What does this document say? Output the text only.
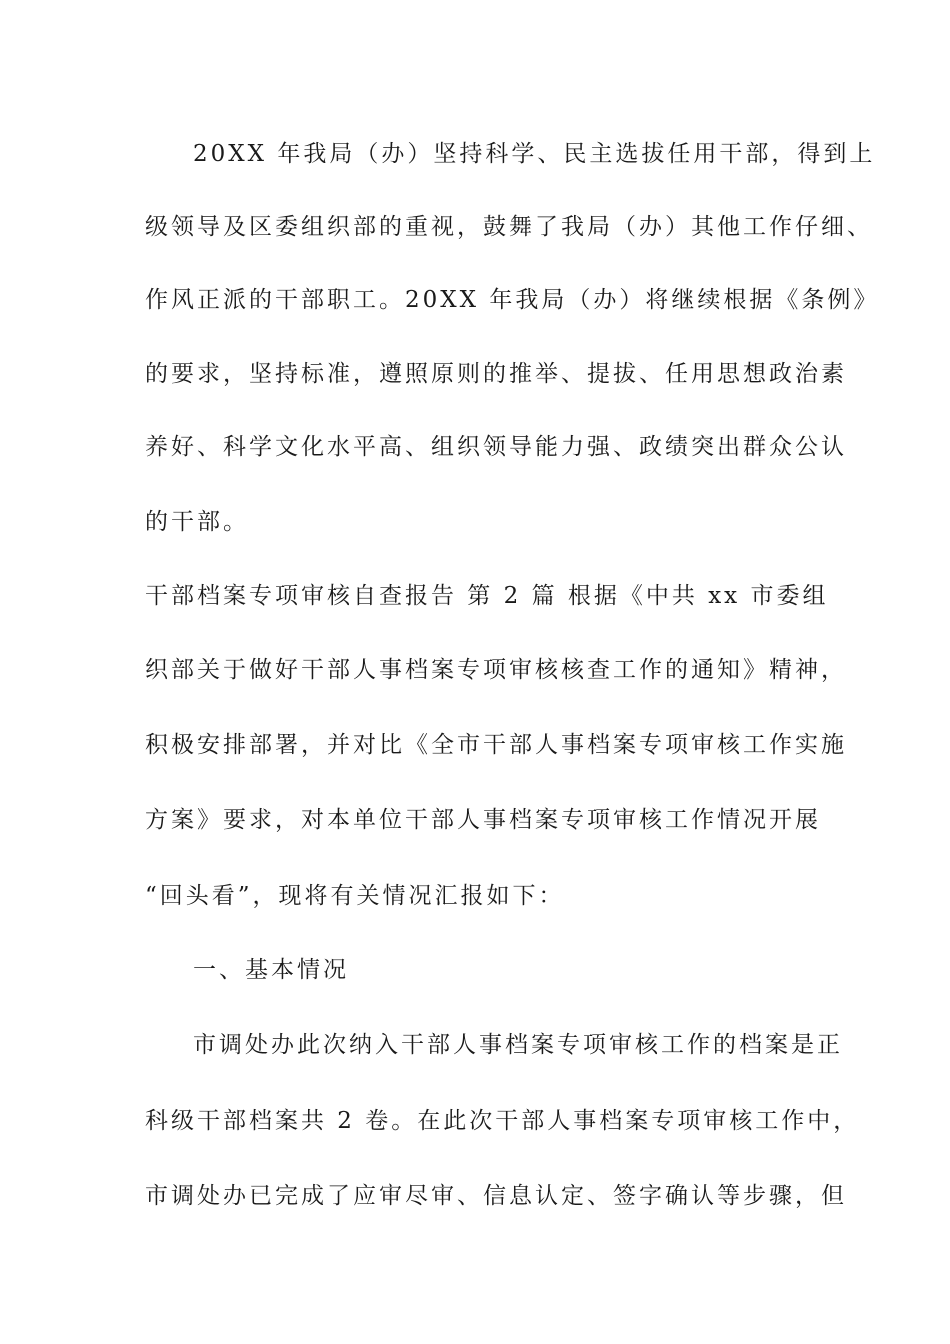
20XX 年我局（办）坚持科学、民主选拔任用干部，得到上
级领导及区委组织部的重视，鼓舞了我局（办）其他工作仔细、
作风正派的干部职工。20XX 年我局（办）将继续根据《条例》
的要求，坚持标准，遵照原则的推举、提拔、任用思想政治素
养好、科学文化水平高、组织领导能力强、政绩突出群众公认
的干部。
干部档案专项审核自查报告 第 2 篇 根据《中共 xx 市委组
织部关于做好干部人事档案专项审核核查工作的通知》精神，
积极安排部署，并对比《全市干部人事档案专项审核工作实施
方案》要求，对本单位干部人事档案专项审核工作情况开展
“回头看”，现将有关情况汇报如下：
一、基本情况
市调处办此次纳入干部人事档案专项审核工作的档案是正
科级干部档案共 2 卷。在此次干部人事档案专项审核工作中，
市调处办已完成了应审尽审、信息认定、签字确认等步骤，但
